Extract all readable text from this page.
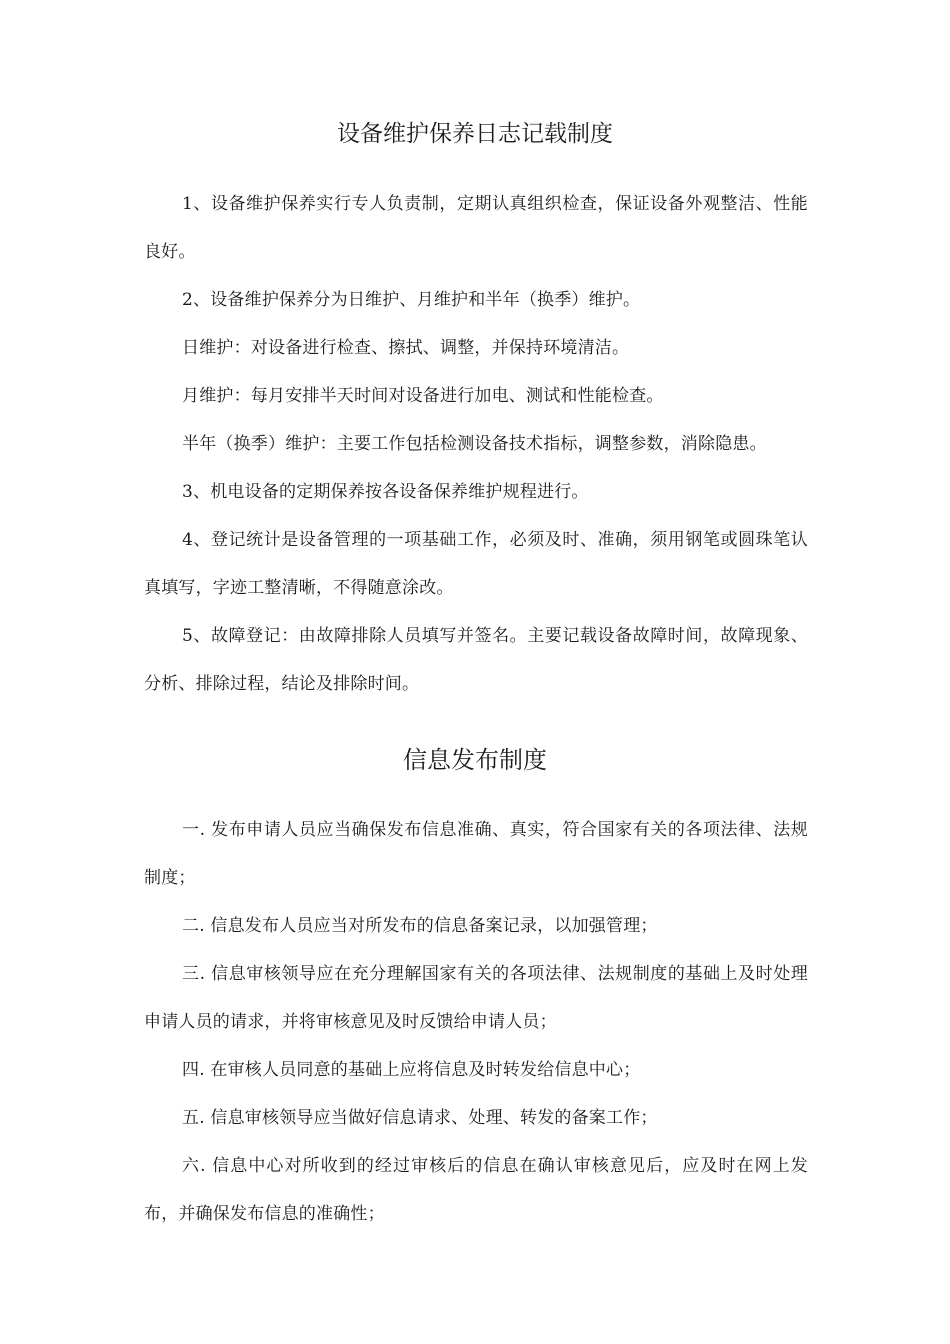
设备维护保养日志记载制度

1、设备维护保养实行专人负责制，定期认真组织检查，保证设备外观整洁、性能良好。

2、设备维护保养分为日维护、月维护和半年（换季）维护。

日维护：对设备进行检查、擦拭、调整，并保持环境清洁。

月维护：每月安排半天时间对设备进行加电、测试和性能检查。

半年（换季）维护：主要工作包括检测设备技术指标，调整参数，消除隐患。

3、机电设备的定期保养按各设备保养维护规程进行。

4、登记统计是设备管理的一项基础工作，必须及时、准确，须用钢笔或圆珠笔认真填写，字迹工整清晰，不得随意涂改。

5、故障登记：由故障排除人员填写并签名。主要记载设备故障时间，故障现象、分析、排除过程，结论及排除时间。

信息发布制度

一. 发布申请人员应当确保发布信息准确、真实，符合国家有关的各项法律、法规制度；

二. 信息发布人员应当对所发布的信息备案记录，以加强管理；

三. 信息审核领导应在充分理解国家有关的各项法律、法规制度的基础上及时处理申请人员的请求，并将审核意见及时反馈给申请人员；

四. 在审核人员同意的基础上应将信息及时转发给信息中心；

五. 信息审核领导应当做好信息请求、处理、转发的备案工作；

六. 信息中心对所收到的经过审核后的信息在确认审核意见后，应及时在网上发布，并确保发布信息的准确性；
